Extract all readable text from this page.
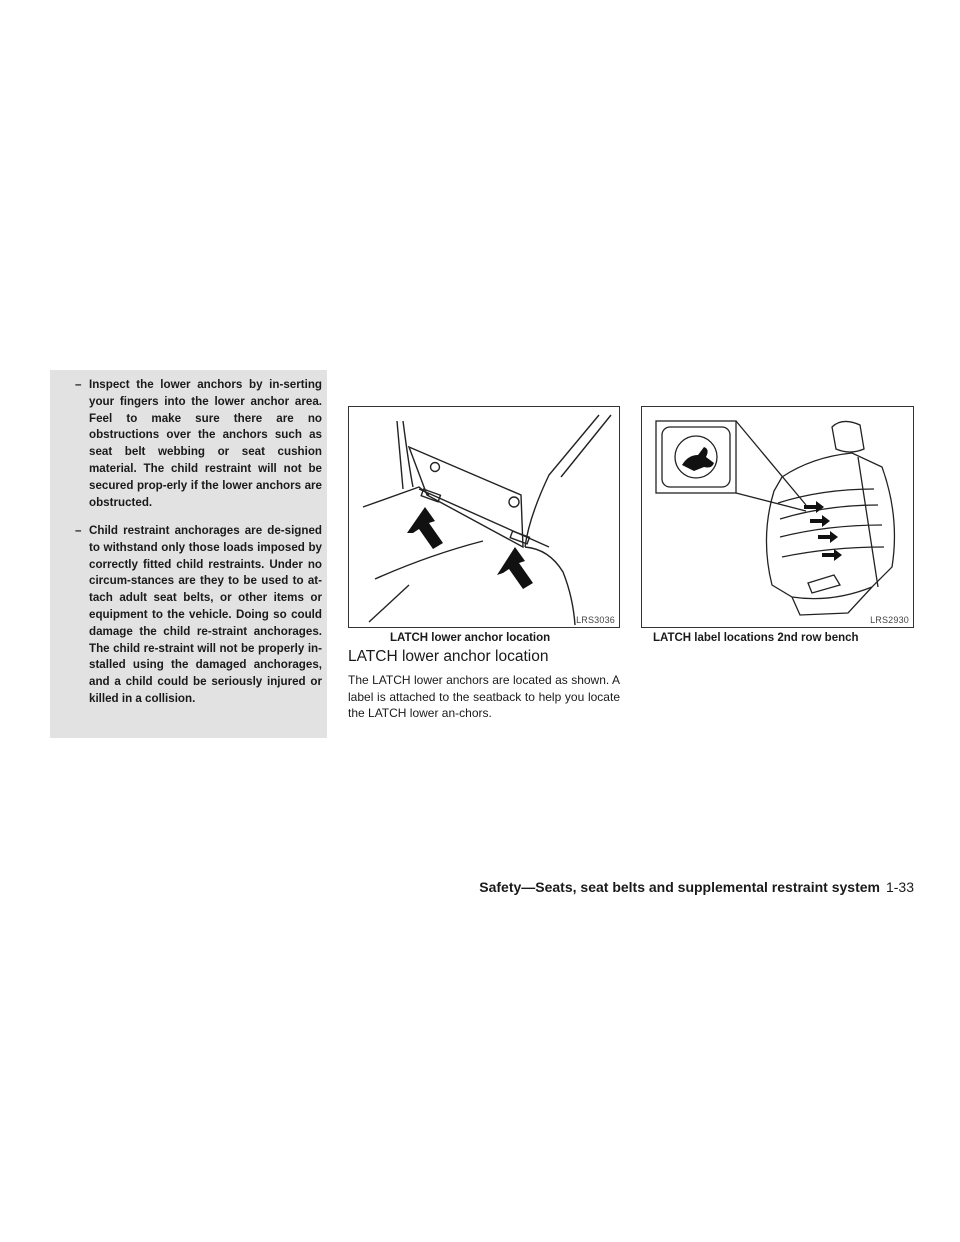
– Inspect the lower anchors by in-serting your fingers into the lower anchor area. Feel to make sure there are no obstructions over the anchors such as seat belt webbing or seat cushion material. The child restraint will not be secured prop-erly if the lower anchors are obstructed.
– Child restraint anchorages are de-signed to withstand only those loads imposed by correctly fitted child restraints. Under no circum-stances are they to be used to at-tach adult seat belts, or other items or equipment to the vehicle. Doing so could damage the child re-straint anchorages. The child re-straint will not be properly in-stalled using the damaged anchorages, and a child could be seriously injured or killed in a collision.
LRS3036
LATCH lower anchor location
LRS2930
LATCH label locations 2nd row bench
LATCH lower anchor location

The LATCH lower anchors are located as shown. A label is attached to the seatback to help you locate the LATCH lower an-chors.

Safety—Seats, seat belts and supplemental restraint system 1-33
